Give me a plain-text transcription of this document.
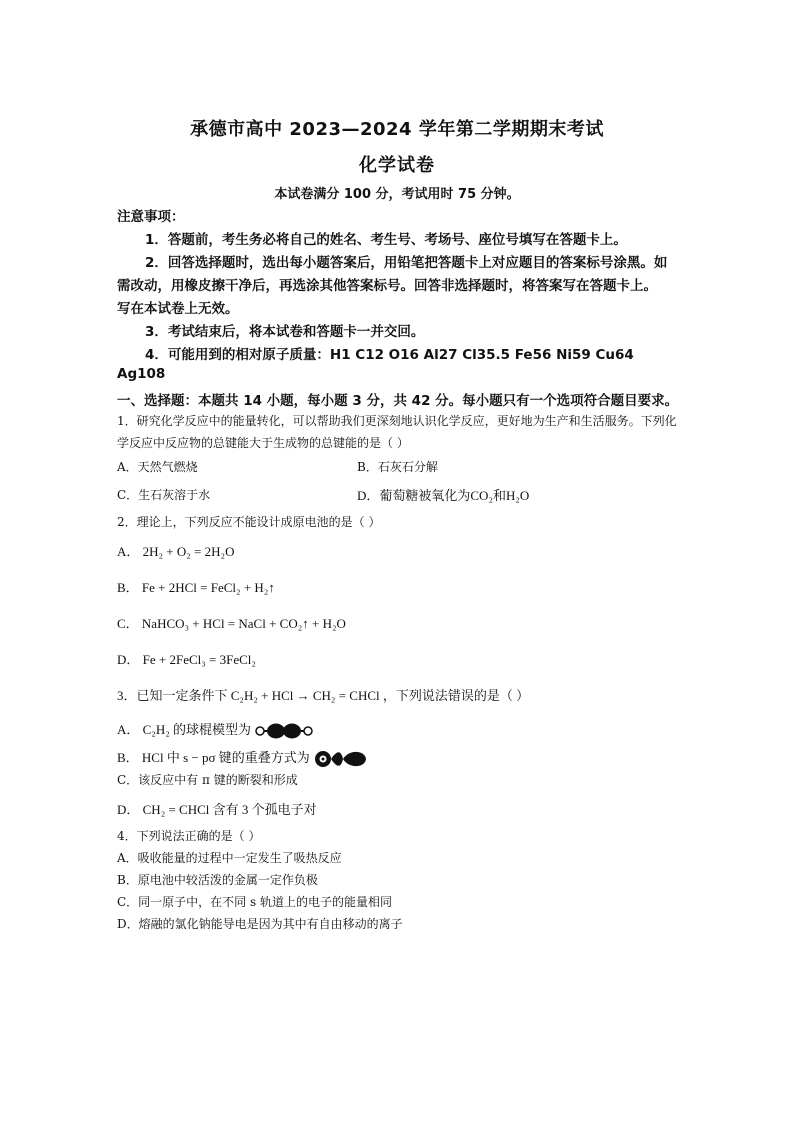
承德市高中 2023—2024 学年第二学期期末考试
化学试卷
本试卷满分 100 分，考试用时 75 分钟。
注意事项：
1．答题前，考生务必将自己的姓名、考生号、考场号、座位号填写在答题卡上。
2．回答选择题时，选出每小题答案后，用铅笔把答题卡上对应题目的答案标号涂黑。如
需改动，用橡皮擦干净后，再选涂其他答案标号。回答非选择题时，将答案写在答题卡上。
写在本试卷上无效。
3．考试结束后，将本试卷和答题卡一并交回。
4．可能用到的相对原子质量：H1 C12 O16 Al27 Cl35.5 Fe56 Ni59 Cu64
Ag108
一、选择题：本题共 14 小题，每小题 3 分，共 42 分。每小题只有一个选项符合题目要求。
1．研究化学反应中的能量转化，可以帮助我们更深刻地认识化学反应，更好地为生产和生活服务。下列化
学反应中反应物的总键能大于生成物的总键能的是（ ）
A．天然气燃烧	B．石灰石分解
C．生石灰溶于水	D．葡萄糖被氧化为CO₂和H₂O
2．理论上，下列反应不能设计成原电池的是（ ）
A． 2H₂ + O₂ = 2H₂O
B． Fe + 2HCl = FeCl₂ + H₂↑
C． NaHCO₃ + HCl = NaCl + CO₂↑ + H₂O
D． Fe + 2FeCl₃ = 3FeCl₂
3．已知一定条件下 C₂H₂ + HCl → CH₂ = CHCl ，下列说法错误的是（ ）
A． C₂H₂ 的球棍模型为
B． HCl 中 s − pσ 键的重叠方式为
C．该反应中有 π 键的断裂和形成
D． CH₂ = CHCl 含有 3 个孤电子对
4．下列说法正确的是（ ）
A．吸收能量的过程中一定发生了吸热反应
B．原电池中较活泼的金属一定作负极
C．同一原子中，在不同 s 轨道上的电子的能量相同
D．熔融的氯化钠能导电是因为其中有自由移动的离子
